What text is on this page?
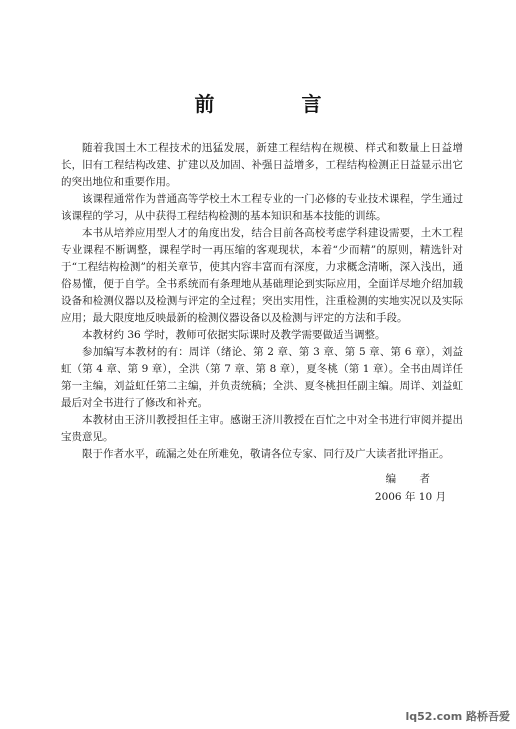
前 言

随着我国土木工程技术的迅猛发展，新建工程结构在规模、样式和数量上日益增长，旧有工程结构改建、扩建以及加固、补强日益增多，工程结构检测正日益显示出它的突出地位和重要作用。

该课程通常作为普通高等学校土木工程专业的一门必修的专业技术课程，学生通过该课程的学习，从中获得工程结构检测的基本知识和基本技能的训练。

本书从培养应用型人才的角度出发，结合目前各高校考虑学科建设需要，土木工程专业课程不断调整，课程学时一再压缩的客观现状，本着“少而精”的原则，精选针对于“工程结构检测”的相关章节，使其内容丰富而有深度，力求概念清晰，深入浅出，通俗易懂，便于自学。全书系统而有条理地从基础理论到实际应用，全面详尽地介绍加载设备和检测仪器以及检测与评定的全过程；突出实用性，注重检测的实地实况以及实际应用；最大限度地反映最新的检测仪器设备以及检测与评定的方法和手段。

本教材约 36 学时，教师可依据实际课时及教学需要做适当调整。

参加编写本教材的有：周详（绪论、第 2 章、第 3 章、第 5 章、第 6 章），刘益虹（第 4 章、第 9 章），全洪（第 7 章、第 8 章），夏冬桃（第 1 章）。全书由周详任第一主编，刘益虹任第二主编，并负责统稿；全洪、夏冬桃担任副主编。周详、刘益虹最后对全书进行了修改和补充。

本教材由王济川教授担任主审。感谢王济川教授在百忙之中对全书进行审阅并提出宝贵意见。

限于作者水平，疏漏之处在所难免，敬请各位专家、同行及广大读者批评指正。

编 者
2006 年 10 月
lq52.com 路桥吾爱
